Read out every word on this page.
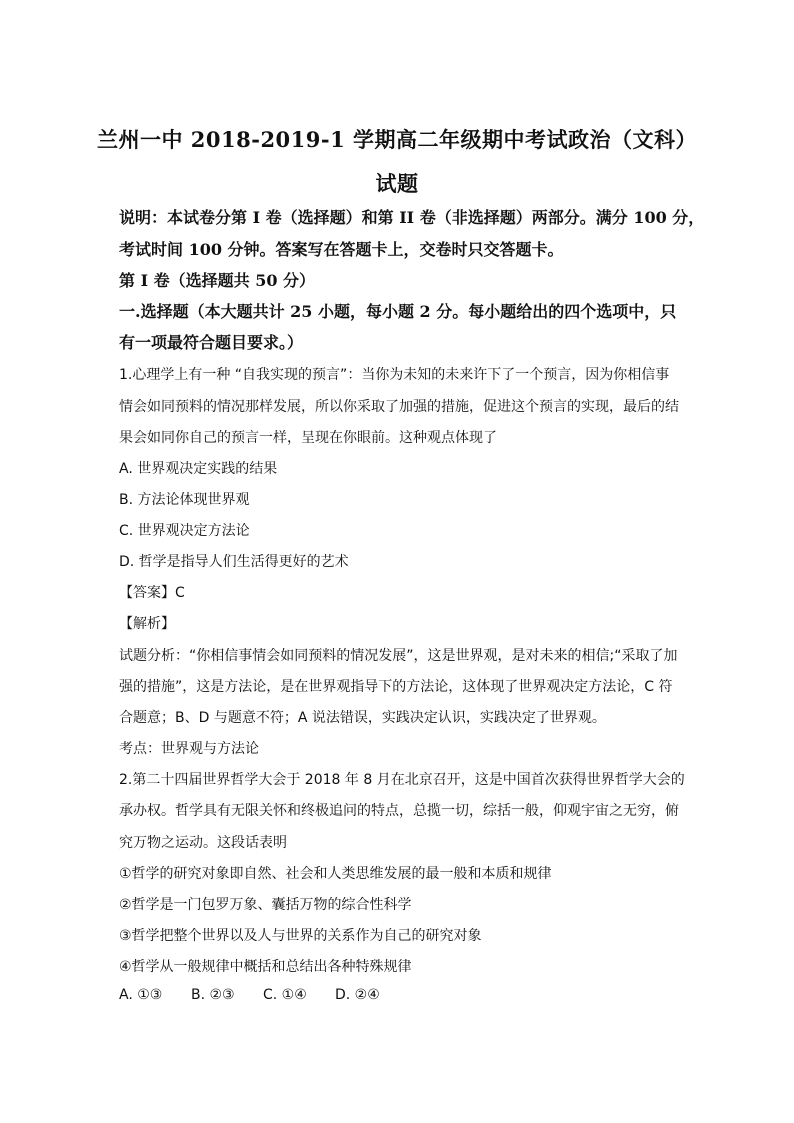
兰州一中 2018-2019-1 学期高二年级期中考试政治（文科）
试题
说明：本试卷分第 I 卷（选择题）和第 II 卷（非选择题）两部分。满分 100 分，
考试时间 100 分钟。答案写在答题卡上，交卷时只交答题卡。
第 I 卷（选择题共 50 分）
一.选择题（本大题共计 25 小题，每小题 2 分。每小题给出的四个选项中，只
有一项最符合题目要求。）
1.心理学上有一种 “自我实现的预言”：当你为未知的未来许下了一个预言，因为你相信事
情会如同预料的情况那样发展，所以你采取了加强的措施，促进这个预言的实现，最后的结
果会如同你自己的预言一样，呈现在你眼前。这种观点体现了
A. 世界观决定实践的结果
B. 方法论体现世界观
C. 世界观决定方法论
D. 哲学是指导人们生活得更好的艺术
【答案】C
【解析】
试题分析：“你相信事情会如同预料的情况发展”，这是世界观，是对未来的相信;“采取了加
强的措施”，这是方法论，是在世界观指导下的方法论，这体现了世界观决定方法论，C 符
合题意；B、D 与题意不符；A 说法错误，实践决定认识，实践决定了世界观。
考点：世界观与方法论
2.第二十四届世界哲学大会于 2018 年 8 月在北京召开，这是中国首次获得世界哲学大会的
承办权。哲学具有无限关怀和终极追问的特点，总揽一切，综括一般，仰观宇宙之无穷，俯
究万物之运动。这段话表明
①哲学的研究对象即自然、社会和人类思维发展的最一般和本质和规律
②哲学是一门包罗万象、囊括万物的综合性科学
③哲学把整个世界以及人与世界的关系作为自己的研究对象
④哲学从一般规律中概括和总结出各种特殊规律
A. ①③ B. ②③ C. ①④ D. ②④
